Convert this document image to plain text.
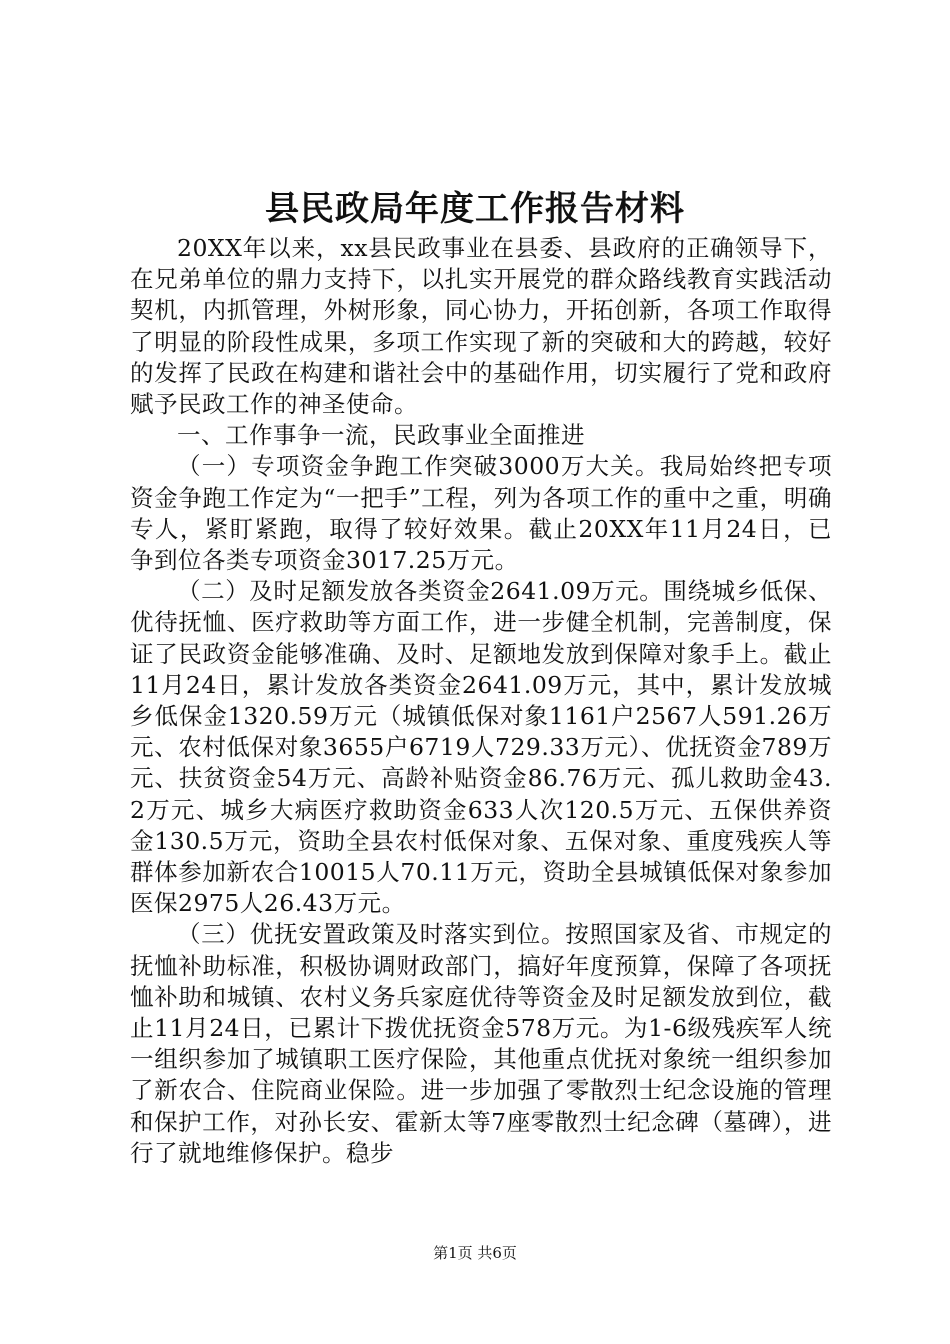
县民政局年度工作报告材料

20XX年以来，xx县民政事业在县委、县政府的正确领导下，在兄弟单位的鼎力支持下，以扎实开展党的群众路线教育实践活动契机，内抓管理，外树形象，同心协力，开拓创新，各项工作取得了明显的阶段性成果，多项工作实现了新的突破和大的跨越，较好的发挥了民政在构建和谐社会中的基础作用，切实履行了党和政府赋予民政工作的神圣使命。

一、工作事争一流，民政事业全面推进

（一）专项资金争跑工作突破3000万大关。我局始终把专项资金争跑工作定为“一把手”工程，列为各项工作的重中之重，明确专人，紧盯紧跑，取得了较好效果。截止20XX年11月24日，已争到位各类专项资金3017.25万元。

（二）及时足额发放各类资金2641.09万元。围绕城乡低保、优待抚恤、医疗救助等方面工作，进一步健全机制，完善制度，保证了民政资金能够准确、及时、足额地发放到保障对象手上。截止11月24日，累计发放各类资金2641.09万元，其中，累计发放城乡低保金1320.59万元（城镇低保对象1161户2567人591.26万元、农村低保对象3655户6719人729.33万元）、优抚资金789万元、扶贫资金54万元、高龄补贴资金86.76万元、孤儿救助金43.2万元、城乡大病医疗救助资金633人次120.5万元、五保供养资金130.5万元，资助全县农村低保对象、五保对象、重度残疾人等群体参加新农合10015人70.11万元，资助全县城镇低保对象参加医保2975人26.43万元。

（三）优抚安置政策及时落实到位。按照国家及省、市规定的抚恤补助标准，积极协调财政部门，搞好年度预算，保障了各项抚恤补助和城镇、农村义务兵家庭优待等资金及时足额发放到位，截止11月24日，已累计下拨优抚资金578万元。为1-6级残疾军人统一组织参加了城镇职工医疗保险，其他重点优抚对象统一组织参加了新农合、住院商业保险。进一步加强了零散烈士纪念设施的管理和保护工作，对孙长安、霍新太等7座零散烈士纪念碑（墓碑），进行了就地维修保护。稳步

第1页 共6页
